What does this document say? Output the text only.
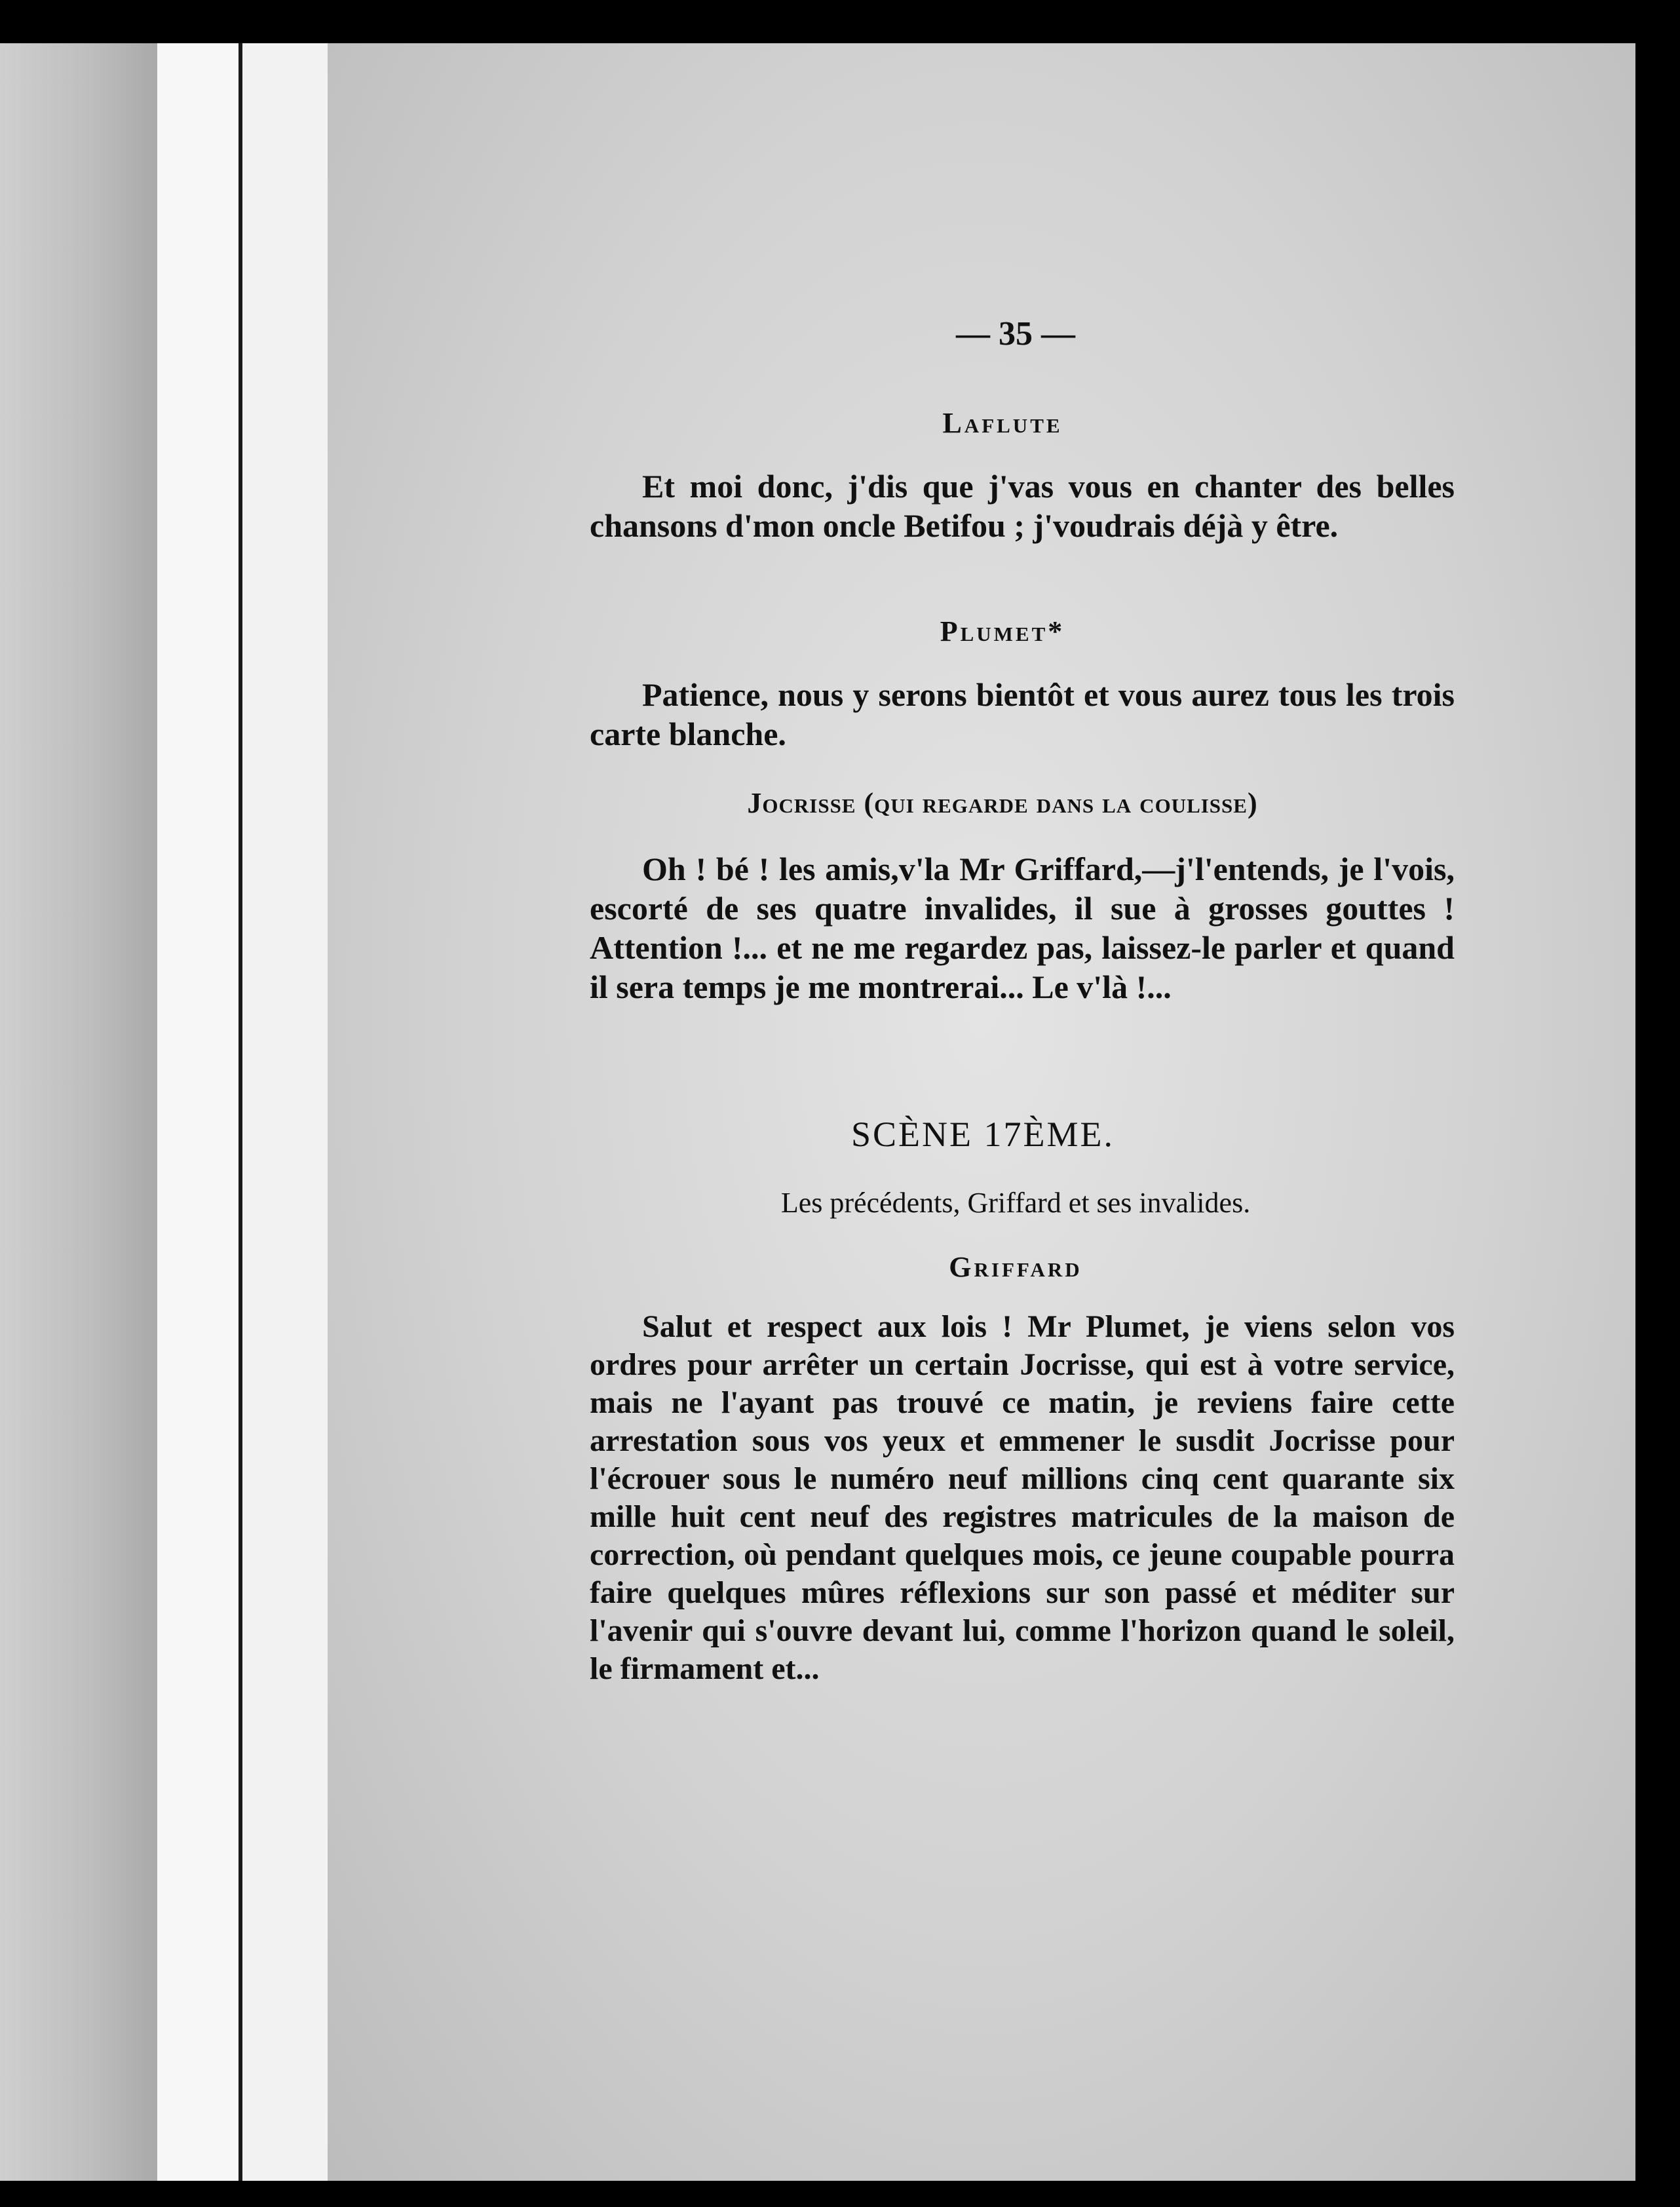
— 35 —
Laflute
Et moi donc, j'dis que j'vas vous en chanter des belles chansons d'mon oncle Betifou ; j'voudrais déjà y être.
Plumet*
Patience, nous y serons bientôt et vous aurez tous les trois carte blanche.
Jocrisse (qui regarde dans la coulisse)
Oh ! bé ! les amis,v'la Mr Griffard,—j'l'entends, je l'vois, escorté de ses quatre invalides, il sue à grosses gouttes ! Attention !... et ne me regardez pas, laissez-le parler et quand il sera temps je me montrerai... Le v'là !...
SCÈNE 17ÈME.
Les précédents, Griffard et ses invalides.
Griffard
Salut et respect aux lois ! Mr Plumet, je viens selon vos ordres pour arrêter un certain Jocrisse, qui est à votre service, mais ne l'ayant pas trouvé ce matin, je reviens faire cette arrestation sous vos yeux et emmener le susdit Jocrisse pour l'écrouer sous le numéro neuf millions cinq cent quarante six mille huit cent neuf des registres matricules de la maison de correction, où pendant quelques mois, ce jeune coupable pourra faire quelques mûres réflexions sur son passé et méditer sur l'avenir qui s'ouvre devant lui, comme l'horizon quand le soleil, le firmament et...
